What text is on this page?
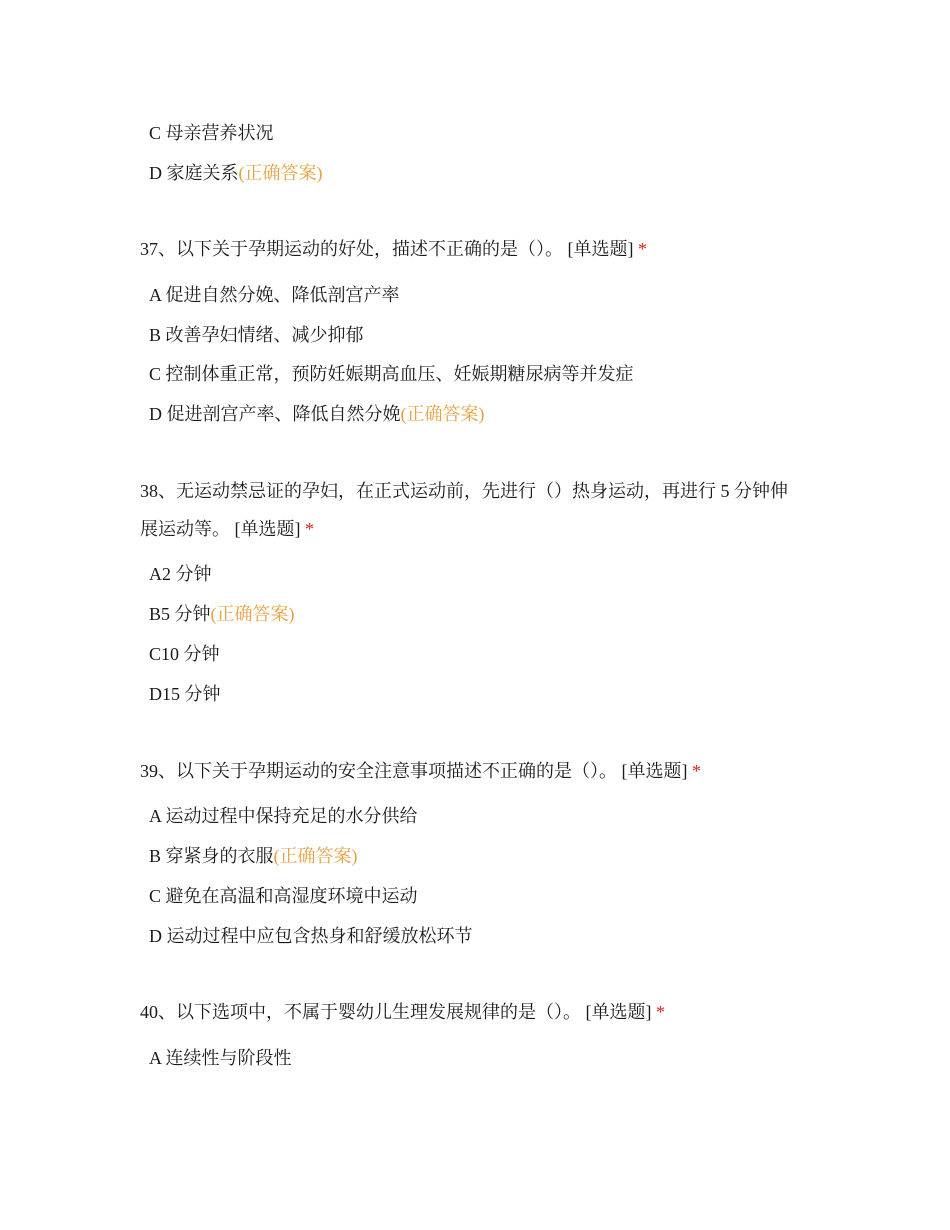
C 母亲营养状况
D 家庭关系(正确答案)
37、以下关于孕期运动的好处，描述不正确的是（）。 [单选题] *
A 促进自然分娩、降低剖宫产率
B 改善孕妇情绪、减少抑郁
C 控制体重正常，预防妊娠期高血压、妊娠期糖尿病等并发症
D 促进剖宫产率、降低自然分娩(正确答案)
38、无运动禁忌证的孕妇，在正式运动前，先进行（）热身运动，再进行 5 分钟伸
展运动等。 [单选题] *
A2 分钟
B5 分钟(正确答案)
C10 分钟
D15 分钟
39、以下关于孕期运动的安全注意事项描述不正确的是（）。 [单选题] *
A 运动过程中保持充足的水分供给
B 穿紧身的衣服(正确答案)
C 避免在高温和高湿度环境中运动
D 运动过程中应包含热身和舒缓放松环节
40、以下选项中，不属于婴幼儿生理发展规律的是（）。 [单选题] *
A 连续性与阶段性
